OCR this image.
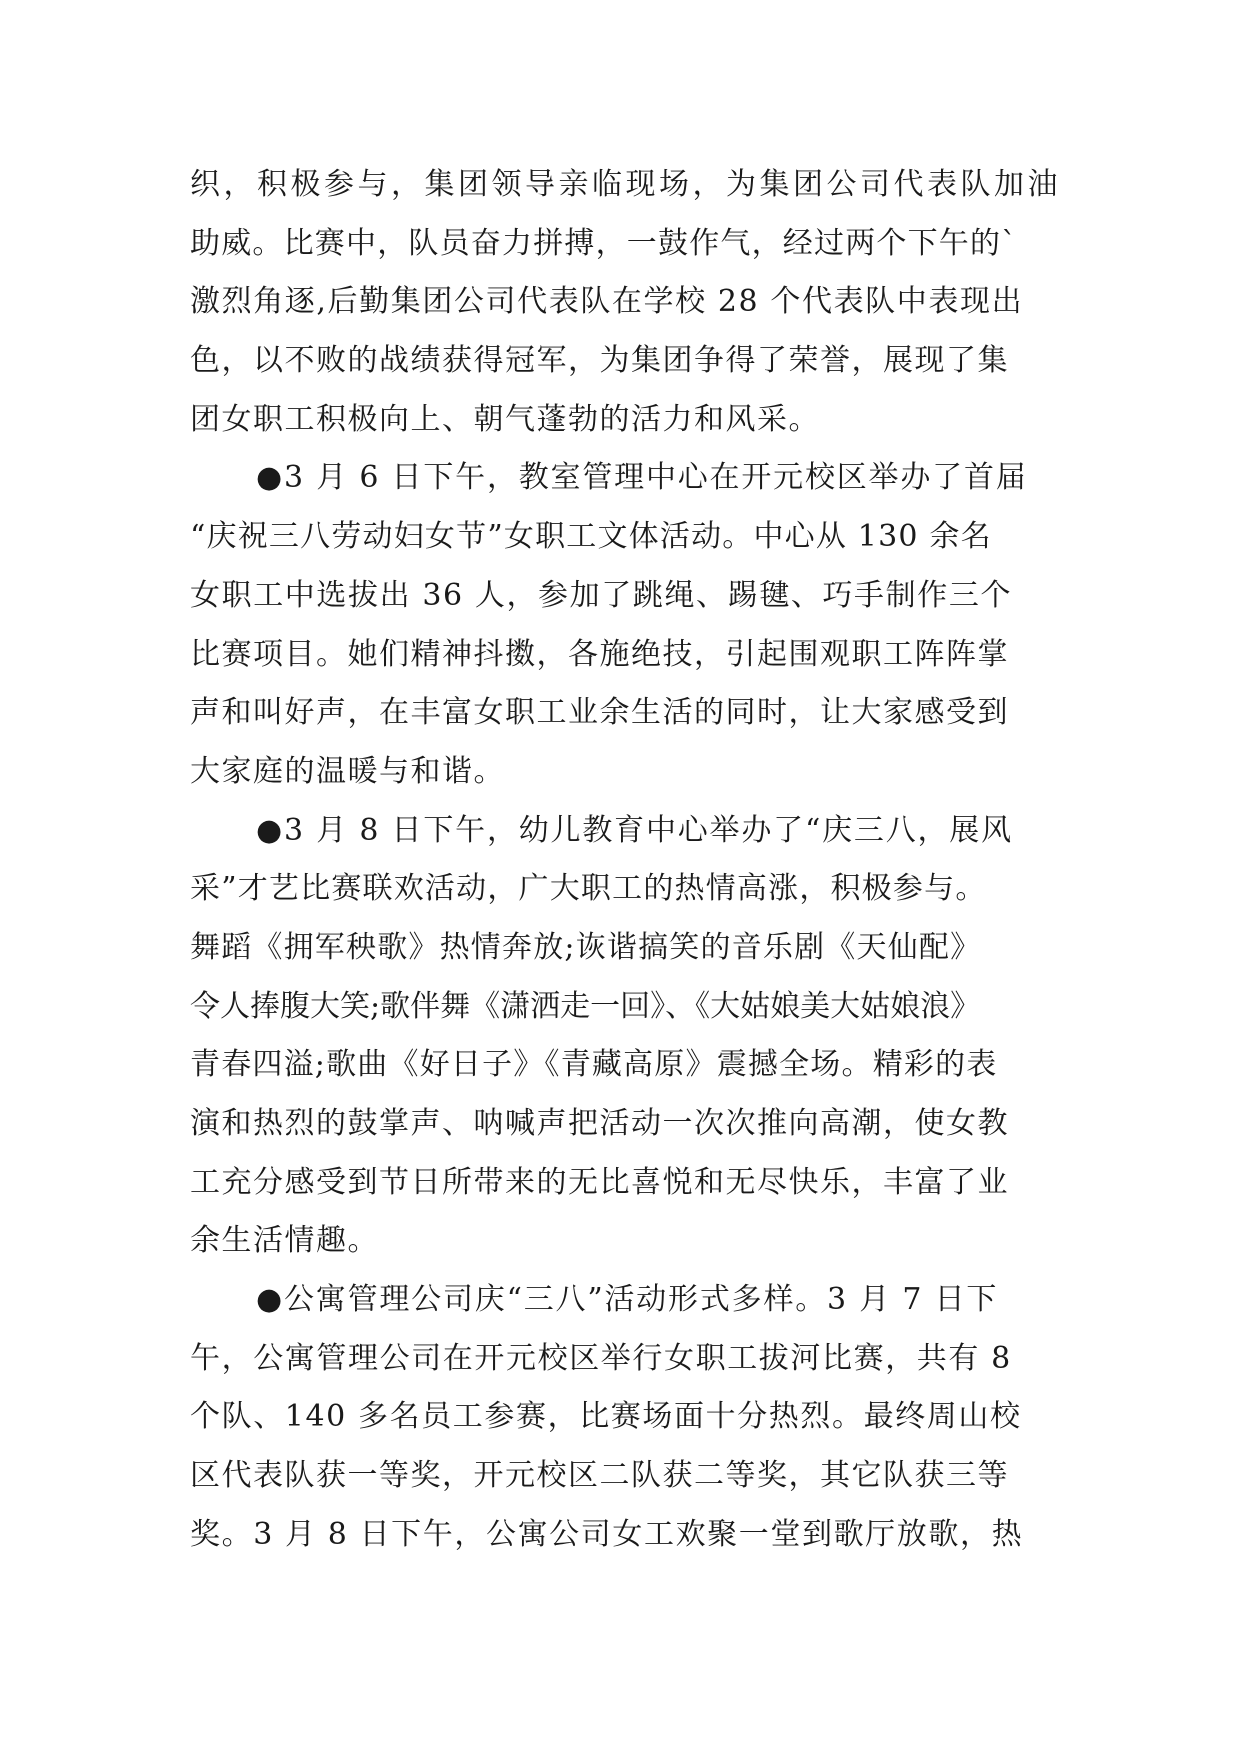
织，积极参与，集团领导亲临现场，为集团公司代表队加油
助威。比赛中，队员奋力拼搏，一鼓作气，经过两个下午的`
激烈角逐,后勤集团公司代表队在学校 28 个代表队中表现出
色，以不败的战绩获得冠军，为集团争得了荣誉，展现了集
团女职工积极向上、朝气蓬勃的活力和风采。
●3 月 6 日下午，教室管理中心在开元校区举办了首届
“庆祝三八劳动妇女节”女职工文体活动。中心从 130 余名
女职工中选拔出 36 人，参加了跳绳、踢毽、巧手制作三个
比赛项目。她们精神抖擞，各施绝技，引起围观职工阵阵掌
声和叫好声，在丰富女职工业余生活的同时，让大家感受到
大家庭的温暖与和谐。
●3 月 8 日下午，幼儿教育中心举办了“庆三八，展风
采”才艺比赛联欢活动，广大职工的热情高涨，积极参与。
舞蹈《拥军秧歌》热情奔放;诙谐搞笑的音乐剧《天仙配》
令人捧腹大笑;歌伴舞《潇洒走一回》、《大姑娘美大姑娘浪》
青春四溢;歌曲《好日子》《青藏高原》震撼全场。精彩的表
演和热烈的鼓掌声、呐喊声把活动一次次推向高潮，使女教
工充分感受到节日所带来的无比喜悦和无尽快乐，丰富了业
余生活情趣。
●公寓管理公司庆“三八”活动形式多样。3 月 7 日下
午，公寓管理公司在开元校区举行女职工拔河比赛，共有 8
个队、140 多名员工参赛，比赛场面十分热烈。最终周山校
区代表队获一等奖，开元校区二队获二等奖，其它队获三等
奖。3 月 8 日下午，公寓公司女工欢聚一堂到歌厅放歌，热
